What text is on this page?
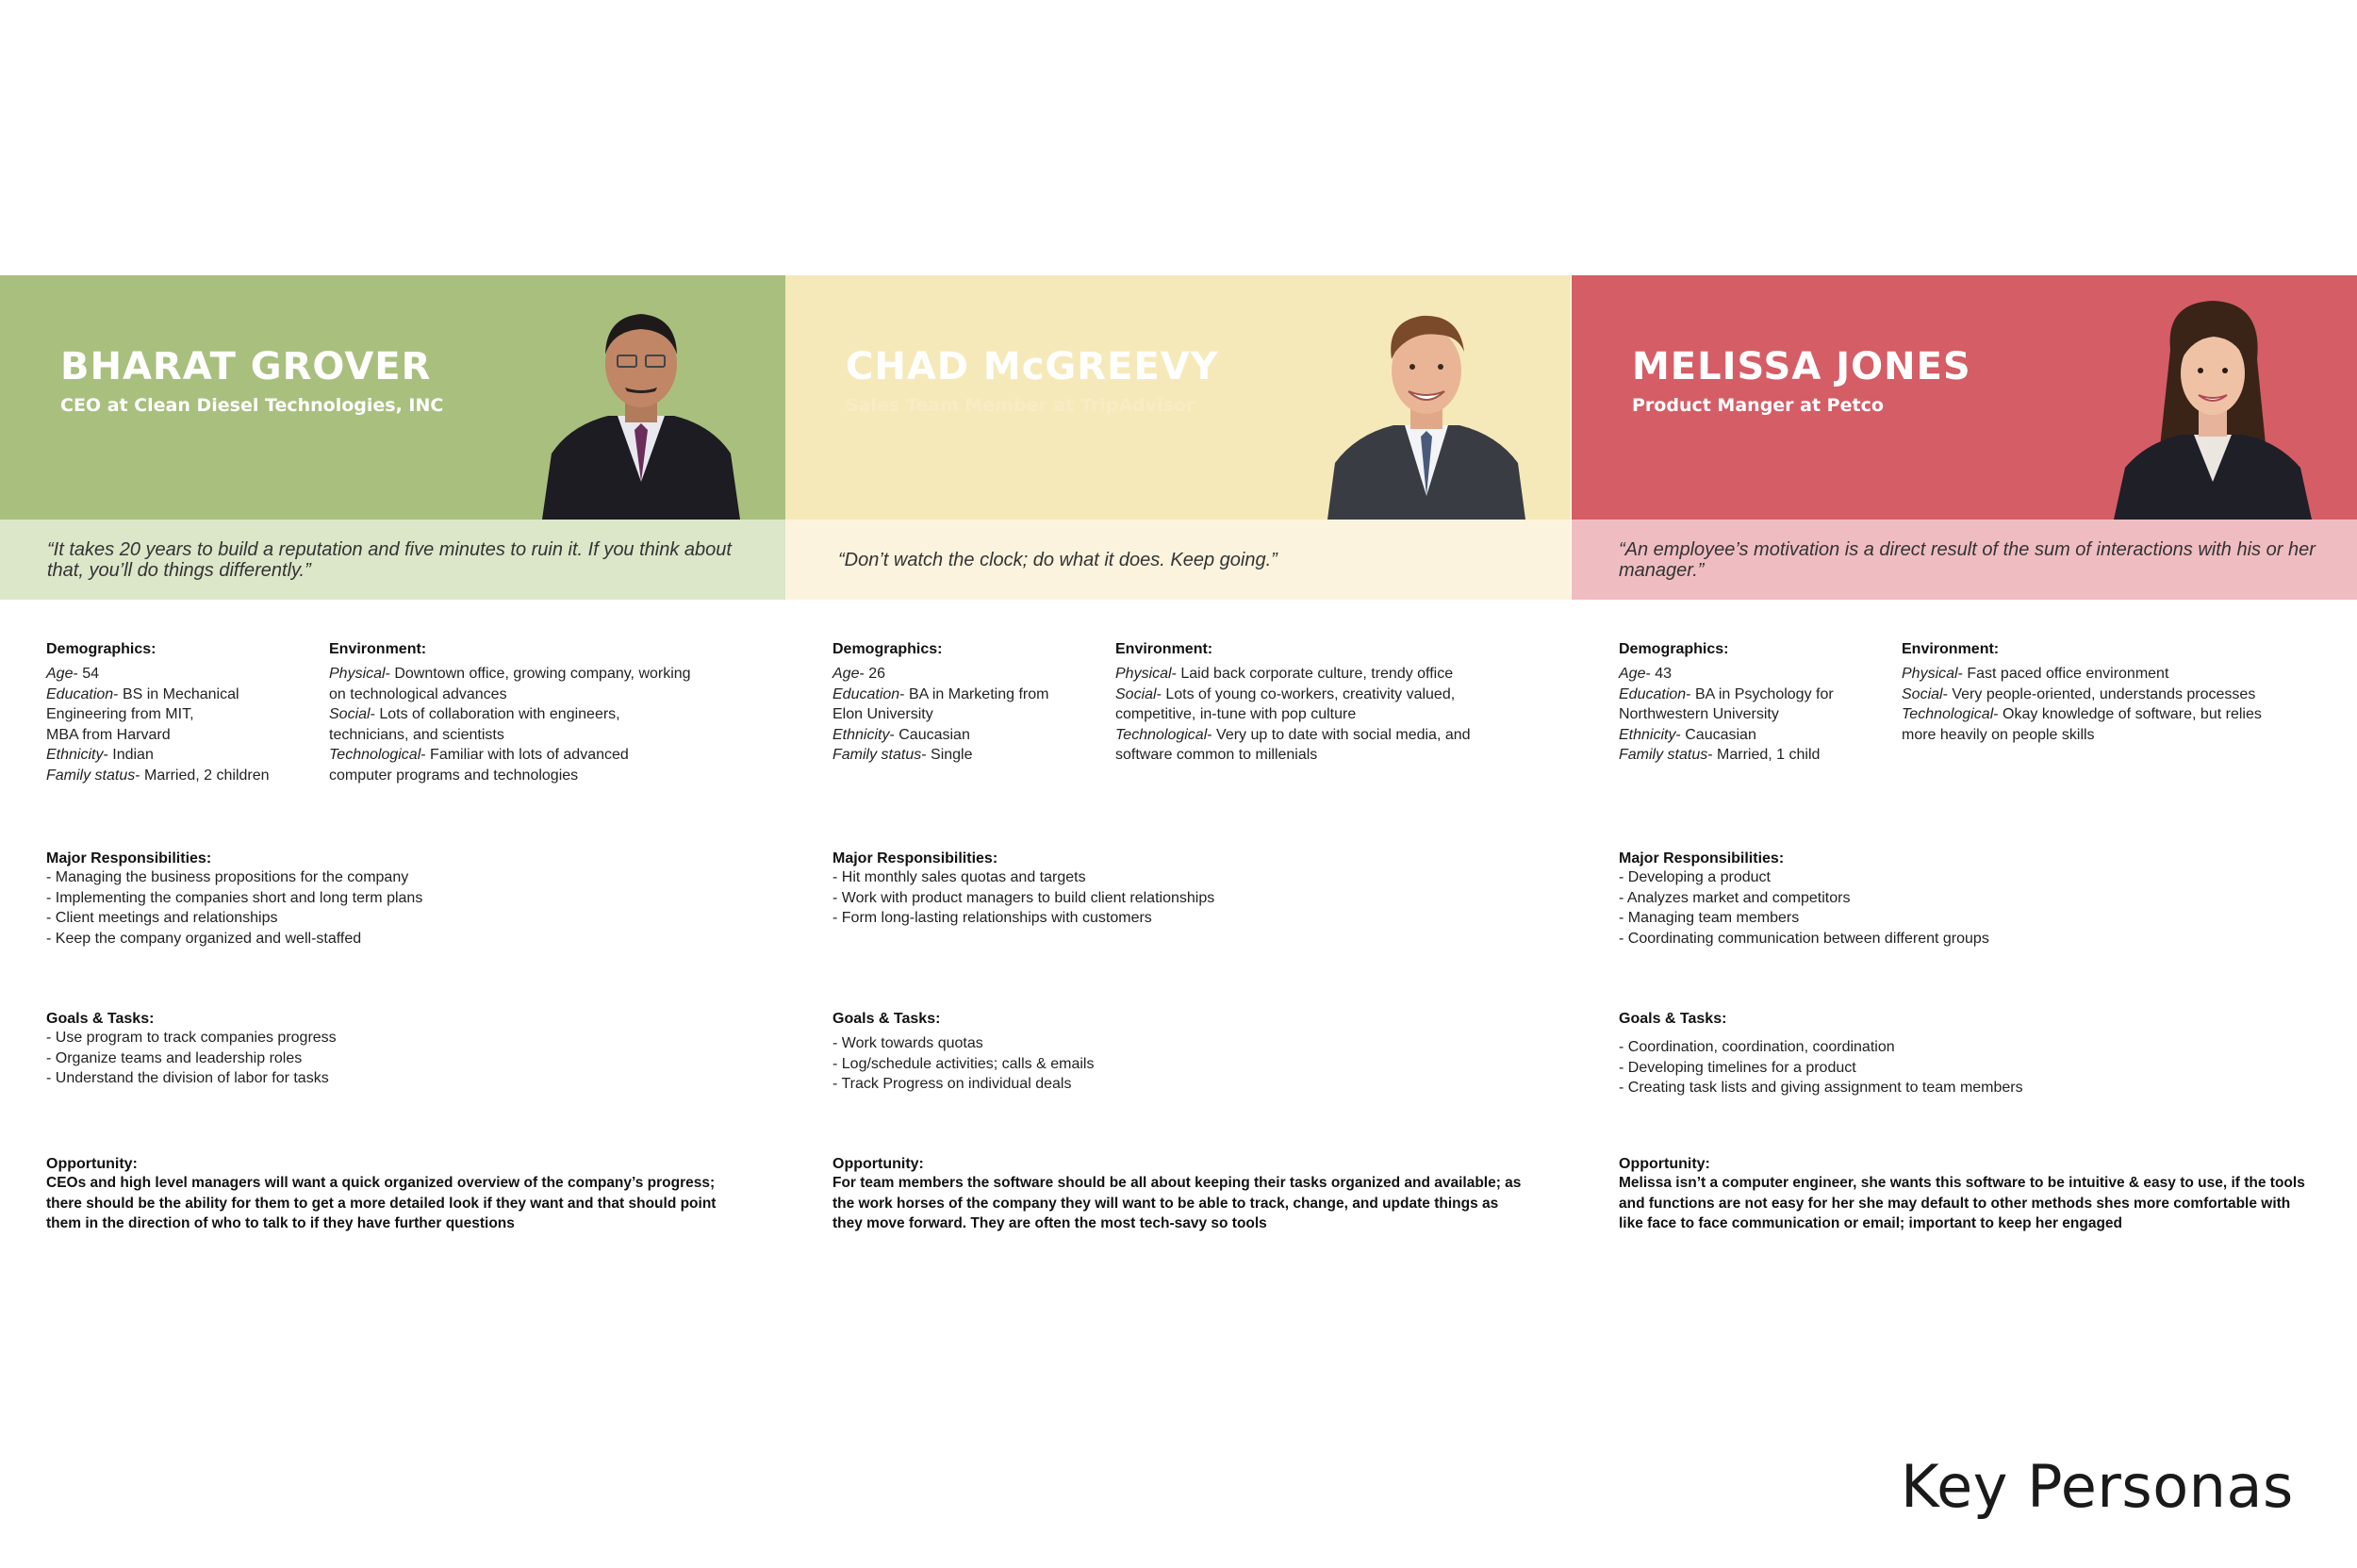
BHARAT GROVER

CEO at Clean Diesel Technologies, INC

“It takes 20 years to build a reputation and five minutes to ruin it. If you think about that, you’ll do things differently.”

Demographics:

Age- 54

Education- BS in Mechanical

Engineering from MIT,

MBA from Harvard

Ethnicity- Indian

Family status- Married, 2 children

Environment:

Physical- Downtown office, growing company, working

on technological advances

Social- Lots of collaboration with engineers,

technicians, and scientists

Technological- Familiar with lots of advanced

computer programs and technologies

Major Responsibilities:

- Managing the business propositions for the company

- Implementing the companies short and long term plans

- Client meetings and relationships

- Keep the company organized and well-staffed

Goals & Tasks:

- Use program to track companies progress

- Organize teams and leadership roles

- Understand the division of labor for tasks

Opportunity:

CEOs and high level managers will want a quick organized overview of the company’s progress; there should be the ability for them to get a more detailed look if they want and that should point them in the direction of who to talk to if they have further questions

CHAD McGREEVY

Sales Team Member at TripAdvisor

“Don’t watch the clock; do what it does. Keep going.”

Demographics:

Age- 26

Education- BA in Marketing from

Elon University

Ethnicity- Caucasian

Family status- Single

Environment:

Physical- Laid back corporate culture, trendy office

Social- Lots of young co-workers, creativity valued,

competitive, in-tune with pop culture

Technological- Very up to date with social media, and

software common to millenials

Major Responsibilities:

- Hit monthly sales quotas and targets

- Work with product managers to build client relationships

- Form long-lasting relationships with customers

Goals & Tasks:

- Work towards quotas

- Log/schedule activities; calls & emails

- Track Progress on individual deals

Opportunity:

For team members the software should be all about keeping their tasks organized and available; as the work horses of the company they will want to be able to track, change, and update things as they move forward. They are often the most tech-savy so tools

MELISSA JONES

Product Manger at Petco

“An employee’s motivation is a direct result of the sum of interactions with his or her manager.”

Demographics:

Age- 43

Education- BA in Psychology for

Northwestern University

Ethnicity- Caucasian

Family status- Married, 1 child

Environment:

Physical- Fast paced office environment

Social- Very people-oriented, understands processes

Technological- Okay knowledge of software, but relies

more heavily on people skills

Major Responsibilities:

- Developing a product

- Analyzes market and competitors

- Managing team members

- Coordinating communication between different groups

Goals & Tasks:

- Coordination, coordination, coordination

- Developing timelines for a product

- Creating task lists and giving assignment to team members

Opportunity:

Melissa isn’t a computer engineer, she wants this software to be intuitive & easy to use, if the tools and functions are not easy for her she may default to other methods shes more comfortable with like face to face communication or email; important to keep her engaged

Key Personas
